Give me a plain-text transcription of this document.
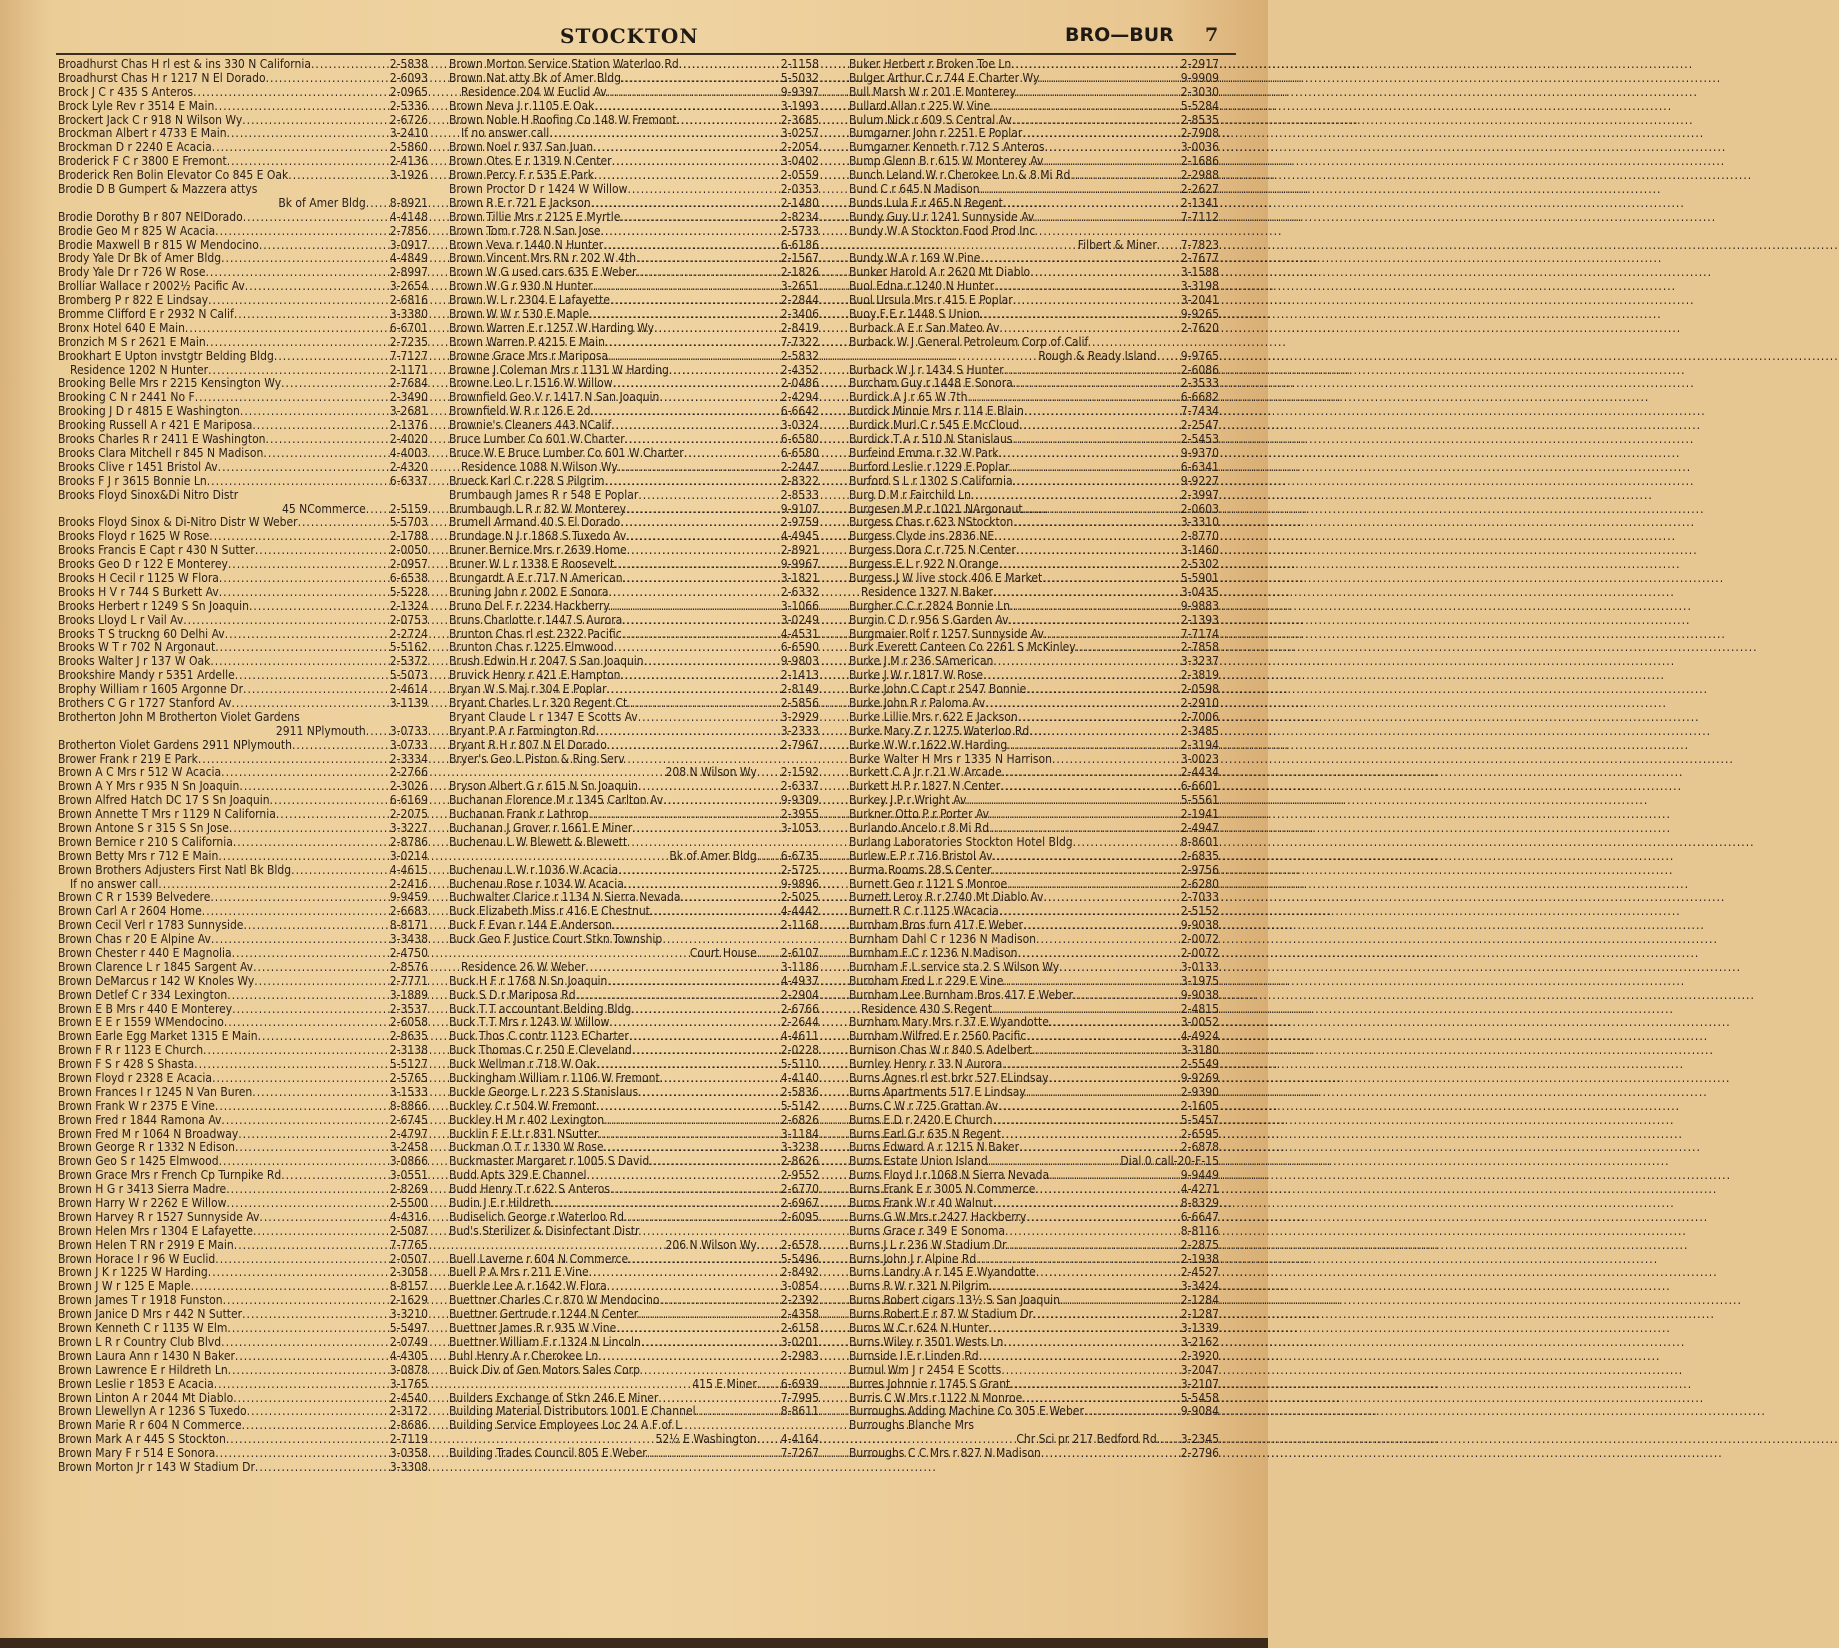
STOCKTON	BRO—BUR 7
Broadhurst Chas H rl est & ins 330 N California .....	2-5838
Broadhurst Chas H r 1217 N El Dorado .....	2-6093
Brock J C r 435 S Anteros .....	2-0965
Brock Lyle Rev r 3514 E Main .....	2-5336
Brockert Jack C r 918 N Wilson Wy .....	2-6726
Brockman Albert r 4733 E Main .....	3-2410
Brockman D r 2240 E Acacia .....	2-5860
Broderick F C r 3800 E Fremont .....	2-4136
Broderick Ren Bolin Elevator Co 845 E Oak .....	3-1926
Brodie D B Gumpert & Mazzera attys
Bk of Amer Bldg ..... 8-8921
Brodie Dorothy B r 807 NElDorado .....	4-4148
Brodie Geo M r 825 W Acacia .....	2-7856
Brodie Maxwell B r 815 W Mendocino .....	3-0917
Brody Yale Dr Bk of Amer Bldg .....	4-4849
Brody Yale Dr r 726 W Rose .....	2-8997
Brolliar Wallace r 2002½ Pacific Av .....	3-2654
Bromberg P r 822 E Lindsay .....	2-6816
Bromme Clifford E r 2932 N Calif .....	3-3380
Bronx Hotel 640 E Main .....	6-6701
Bronzich M S r 2621 E Main .....	2-7235
Brookhart E Upton invstgtr Belding Bldg .....	7-7127
Residence 1202 N Hunter .....	2-1171
Brooking Belle Mrs r 2215 Kensington Wy .....	2-7684
Brooking C N r 2441 No F .....	2-3490
Brooking J D r 4815 E Washington .....	3-2681
Brooking Russell A r 421 E Mariposa .....	2-1376
Brooks Charles R r 2411 E Washington .....	2-4020
Brooks Clara Mitchell r 845 N Madison .....	4-4003
Brooks Clive r 1451 Bristol Av .....	2-4320
Brooks F J r 3615 Bonnie Ln .....	6-6337
Brooks Floyd Sinox&Di Nitro Distr
45 NCommerce ..... 2-5159
Brooks Floyd Sinox & Di-Nitro Distr W Weber .....	5-5703
Brooks Floyd r 1625 W Rose .....	2-1788
Brooks Francis E Capt r 430 N Sutter .....	2-0050
Brooks Geo D r 122 E Monterey .....	2-0957
Brooks H Cecil r 1125 W Flora .....	6-6538
Brooks H V r 744 S Burkett Av .....	5-5228
Brooks Herbert r 1249 S Sn Joaquin .....	2-1324
Brooks Lloyd L r Vail Av .....	2-0753
Brooks T S truckng 60 Delhi Av .....	2-2724
Brooks W T r 702 N Argonaut .....	5-5162
Brooks Walter J r 137 W Oak .....	2-5372
Brookshire Mandy r 5351 Ardelle .....	5-5073
Brophy William r 1605 Argonne Dr .....	2-4614
Brothers C G r 1727 Stanford Av .....	3-1139
Brotherton John M Brotherton Violet Gardens
2911 NPlymouth ..... 3-0733
Brotherton Violet Gardens 2911 NPlymouth .....	3-0733
Brower Frank r 219 E Park .....	2-3334
Brown A C Mrs r 512 W Acacia .....	2-2766
Brown A Y Mrs r 935 N Sn Joaquin .....	2-3026
Brown Alfred Hatch DC 17 S Sn Joaquin .....	6-6169
Brown Annette T Mrs r 1129 N California .....	2-2075
Brown Antone S r 315 S Sn Jose .....	3-3227
Brown Bernice r 210 S California .....	2-8786
Brown Betty Mrs r 712 E Main .....	3-0214
Brown Brothers Adjusters First Natl Bk Bldg .....	4-4615
If no answer call .....	2-2416
Brown C R r 1539 Belvedere .....	9-9459
Brown Carl A r 2604 Home .....	2-6683
Brown Cecil Verl r 1783 Sunnyside .....	8-8171
Brown Chas r 20 E Alpine Av .....	3-3438
Brown Chester r 440 E Magnolia .....	2-4750
Brown Clarence L r 1845 Sargent Av .....	2-8576
Brown DeMarcus r 142 W Knoles Wy .....	2-7771
Brown Detlef C r 334 Lexington .....	3-1889
Brown E B Mrs r 440 E Monterey .....	2-3537
Brown E E r 1559 WMendocino .....	2-6058
Brown Earle Egg Market 1315 E Main .....	2-8635
Brown F R r 1123 E Church .....	2-3138
Brown F S r 428 S Shasta .....	5-5127
Brown Floyd r 2328 E Acacia .....	2-5765
Brown Frances I r 1245 N Van Buren .....	3-1533
Brown Frank W r 2375 E Vine .....	8-8866
Brown Fred r 1844 Ramona Av .....	2-6745
Brown Fred M r 1064 N Broadway .....	2-4797
Brown George R r 1332 N Edison .....	3-2458
Brown Geo S r 1425 Elmwood .....	3-0866
Brown Grace Mrs r French Cp Turnpike Rd .....	3-0551
Brown H G r 3413 Sierra Madre .....	2-8269
Brown Harry W r 2262 E Willow .....	2-5500
Brown Harvey R r 1527 Sunnyside Av .....	4-4316
Brown Helen Mrs r 1304 E Lafayette .....	2-5087
Brown Helen T RN r 2919 E Main .....	7-7765
Brown Horace I r 96 W Euclid .....	2-0507
Brown J K r 1225 W Harding .....	2-3058
Brown J W r 125 E Maple .....	8-8157
Brown James T r 1918 Funston .....	2-1629
Brown Janice D Mrs r 442 N Sutter .....	3-3210
Brown Kenneth C r 1135 W Elm .....	5-5497
Brown L R r Country Club Blvd .....	2-0749
Brown Laura Ann r 1430 N Baker .....	4-4305
Brown Lawrence E r Hildreth Ln .....	3-0878
Brown Leslie r 1853 E Acacia .....	3-1765
Brown Linton A r 2044 Mt Diablo .....	2-4540
Brown Llewellyn A r 1236 S Tuxedo .....	2-3172
Brown Marie R r 604 N Commerce .....	2-8686
Brown Mark A r 445 S Stockton .....	2-7119
Brown Mary F r 514 E Sonora .....	3-0358
Brown Morton Jr r 143 W Stadium Dr .....	3-3308
Brown Morton Service Station Waterloo Rd .....	2-1158
Brown Nat atty Bk of Amer Bldg .....	5-5032
Residence 204 W Euclid Av .....	9-9397
Brown Neva J r 1105 E Oak .....	3-1993
Brown Noble H Roofing Co 148 W Fremont .....	2-3685
If no answer call .....	3-0257
Brown Noel r 937 San Juan .....	2-2054
Brown Otes E r 1319 N Center .....	3-0402
Brown Percy F r 535 E Park .....	2-0559
Brown Proctor D r 1424 W Willow .....	2-0353
Brown R E r 721 E Jackson .....	2-1480
Brown Tillie Mrs r 2125 E Myrtle .....	2-8234
Brown Tom r 728 N San Jose .....	2-5733
Brown Veva r 1440 N Hunter .....	6-6186
Brown Vincent Mrs RN r 202 W 4th .....	2-1567
Brown W G used cars 635 E Weber .....	2-1826
Brown W G r 930 N Hunter .....	3-2651
Brown W L r 2304 E Lafayette .....	2-2844
Brown W W r 530 E Maple .....	2-3406
Brown Warren E r 1257 W Harding Wy .....	2-8419
Brown Warren P 4215 E Main .....	7-7322
Browne Grace Mrs r Mariposa .....	2-5832
Browne J Coleman Mrs r 1131 W Harding .....	2-4352
Browne Leo L r 1516 W Willow .....	2-0486
Brownfield Geo V r 1417 N San Joaquin .....	2-4294
Brownfield W R r 126 E 2d .....	6-6642
Brownie's Cleaners 443 NCalif .....	3-0324
Bruce Lumber Co 601 W Charter .....	6-6580
Bruce W E Bruce Lumber Co 601 W Charter .....	6-6580
Residence 1088 N Wilson Wy .....	2-2447
Brueck Karl C r 228 S Pilgrim .....	2-8322
Brumbaugh James R r 548 E Poplar .....	2-8533
Brumbaugh L R r 82 W Monterey .....	9-9107
Brumell Armand 40 S El Dorado .....	2-9759
Brundage N J r 1868 S Tuxedo Av .....	4-4945
Bruner Bernice Mrs r 2639 Home .....	2-8921
Bruner W L r 1338 E Roosevelt .....	9-9967
Brungardt A E r 717 N American .....	3-1821
Bruning John r 2002 E Sonora .....	2-6332
Bruno Del F r 2234 Hackberry .....	3-1066
Bruns Charlotte r 1447 S Aurora .....	3-0249
Brunton Chas rl est 2322 Pacific .....	4-4531
Brunton Chas r 1225 Elmwood .....	6-6590
Brush Edwin H r 2047 S San Joaquin .....	9-9803
Bruvick Henry r 421 E Hampton .....	2-1413
Bryan W S Maj r 304 E Poplar .....	2-8149
Bryant Charles L r 320 Regent Ct .....	2-5856
Bryant Claude L r 1347 E Scotts Av .....	3-2929
Bryant P A r Farmington Rd .....	3-2333
Bryant R H r 807 N El Dorado .....	2-7967
Bryer's Geo L Piston & Ring Serv
208 N Wilson Wy ..... 2-1592
Bryson Albert G r 615 N Sn Joaquin .....	2-6337
Buchanan Florence M r 1345 Carlton Av .....	9-9309
Buchanan Frank r Lathrop .....	2-3955
Buchanan J Grover r 1661 E Miner .....	3-1053
Buchenau L W Blewett & Blewett
Bk of Amer Bldg ..... 6-6735
Buchenau L W r 1036 W Acacia .....	2-5725
Buchenau Rose r 1034 W Acacia .....	9-9896
Buchwalter Clarice r 1134 N Sierra Nevada .....	2-5025
Buck Elizabeth Miss r 416 E Chestnut .....	4-4442
Buck F Evan r 144 E Anderson .....	2-1168
Buck Geo F Justice Court Stkn Township
Court House ..... 2-6107
Residence 26 W Weber .....	3-1186
Buck H F r 1768 N Sn Joaquin .....	4-4937
Buck S D r Mariposa Rd .....	2-2904
Buck T T accountant Belding Bldg .....	2-6766
Buck T T Mrs r 1243 W Willow .....	2-2644
Buck Thos C contr 1123 ECharter .....	4-4611
Buck Thomas C r 250 E Cleveland .....	2-0228
Buck Wellman r 718 W Oak .....	5-5110
Buckingham William r 1106 W Fremont .....	4-4140
Buckle George L r 223 S Stanislaus .....	2-5836
Buckley C r 504 W Fremont .....	5-5142
Buckley H M r 402 Lexington .....	2-6826
Bucklin F E Lt r 831 NSutter .....	3-1184
Buckman O T r 1330 W Rose .....	3-3238
Buckmaster Margaret r 1005 S David .....	2-8626
Budd Apts 329 E Channel .....	2-9552
Budd Henry T r 622 S Anteros .....	2-6770
Budin J E r Hildreth .....	2-6967
Budiselich George r Waterloo Rd .....	2-6095
Bud's Sterilizer & Disinfectant Distr
206 N Wilson Wy ..... 2-6578
Buell Laverne r 604 N Commerce .....	5-5496
Buell P A Mrs r 211 E Vine .....	2-8492
Buerkle Lee A r 1642 W Flora .....	3-0854
Buettner Charles C r 870 W Mendocino .....	2-2392
Buettner Gertrude r 1244 N Center .....	2-4358
Buettner James R r 935 W Vine .....	2-6158
Buettner William F r 1324 N Lincoln .....	3-0201
Buhl Henry A r Cherokee Ln .....	2-2983
Buick Div of Gen Motors Sales Corp
415 E Miner ..... 6-6939
Builders Exchange of Stkn 246 E Miner .....	7-7995
Building Material Distributors 1001 E Channel .....	8-8611
Building Service Employees Loc 24 A F of L
52½ E Washington ..... 4-4164
Building Trades Council 805 E Weber .....	7-7267
Buker Herbert r Broken Toe Ln .....	2-2917
Bulger Arthur C r 744 E Charter Wy .....	9-9909
Bull Marsh W r 201 E Monterey .....	2-3030
Bullard Allan r 225 W Vine .....	5-5284
Bulum Nick r 609 S Central Av .....	2-8535
Bumgarner John r 2251 E Poplar .....	2-7908
Bumgarner Kenneth r 712 S Anteros .....	3-0036
Bump Glenn B r 615 W Monterey Av .....	2-1686
Bunch Leland W r Cherokee Ln & 8 Mi Rd .....	2-2988
Bund C r 645 N Madison .....	2-2627
Bunds Lula F r 465 N Regent .....	2-1341
Bundy Guy U r 1241 Sunnyside Av .....	7-7112
Bundy W A Stockton Food Prod Inc
Filbert & Miner ..... 7-7823
Bundy W A r 169 W Pine .....	2-7677
Bunker Harold A r 2620 Mt Diablo .....	3-1588
Buol Edna r 1240 N Hunter .....	3-3198
Buol Ursula Mrs r 415 E Poplar .....	3-2041
Buoy F E r 1448 S Union .....	9-9265
Burback A E r San Mateo Av .....	2-7620
Burback W J General Petroleum Corp of Calif
Rough & Ready Island ..... 9-9765
Burback W J r 1434 S Hunter .....	2-6086
Burcham Guy r 1448 E Sonora .....	2-3533
Burdick A J r 65 W 7th .....	6-6682
Burdick Minnie Mrs r 114 E Blain .....	7-7434
Burdick Murl C r 545 E McCloud .....	2-2547
Burdick T A r 510 N Stanislaus .....	2-5453
Burfeind Emma r 32 W Park .....	9-9370
Burford Leslie r 1229 E Poplar .....	6-6341
Burford S L r 1302 S California .....	9-9227
Burg D M r Fairchild Ln .....	2-3997
Burgesen M P r 1021 NArgonaut .....	2-0603
Burgess Chas r 623 NStockton .....	3-3310
Burgess Clyde ins 2836 NE .....	2-8770
Burgess Dora C r 725 N Center .....	3-1460
Burgess E L r 922 N Orange .....	2-5302
Burgess J W live stock 406 E Market .....	5-5901
Residence 1327 N Baker .....	3-0435
Burgher C C r 2824 Bonnie Ln .....	9-9883
Burgin C D r 956 S Garden Av .....	2-1393
Burgmaier Rolf r 1257 Sunnyside Av .....	7-7174
Burk Everett Canteen Co 2261 S McKinley .....	2-7858
Burke J M r 236 SAmerican .....	3-3237
Burke J W r 1817 W Rose .....	2-3819
Burke John C Capt r 2547 Bonnie .....	2-0598
Burke John R r Paloma Av .....	2-2910
Burke Lillie Mrs r 622 E Jackson .....	2-7006
Burke Mary Z r 1275 Waterloo Rd .....	2-3485
Burke W W r 1622 W Harding .....	2-3194
Burke Walter H Mrs r 1335 N Harrison .....	3-0023
Burkett C A Jr r 21 W Arcade .....	2-4434
Burkett H P r 1827 N Center .....	6-6601
Burkey J P r Wright Av .....	5-5561
Burkner Otto P r Porter Av .....	2-1941
Burlando Ancelo r 8 Mi Rd .....	2-4947
Burlang Laboratories Stockton Hotel Bldg .....	8-8601
Burlew E P r 716 Bristol Av .....	2-6835
Burma Rooms 28 S Center .....	2-9756
Burnett Geo r 1121 S Monroe .....	2-6280
Burnett Leroy R r 2740 Mt Diablo Av .....	2-7033
Burnett R C r 1125 WAcacia .....	2-5152
Burnham Bros furn 417 E Weber .....	9-9038
Burnham Dahl C r 1236 N Madison .....	2-0072
Burnham F C r 1236 N Madison .....	2-0072
Burnham F L service sta 2 S Wilson Wy .....	3-0133
Burnham Fred L r 229 E Vine .....	3-1975
Burnham Lee Burnham Bros 417 E Weber .....	9-9038
Residence 430 S Regent .....	2-4815
Burnham Mary Mrs r 37 E Wyandotte .....	3-0052
Burnham Wilfred E r 2560 Pacific .....	4-4924
Burnison Chas W r 840 S Adelbert .....	3-3180
Burnley Henry r 33 N Aurora .....	2-5549
Burns Agnes rl est brkr 527 ELindsay .....	9-9269
Burns Apartments 517 E Lindsay .....	2-9390
Burns C W r 725 Grattan Av .....	2-1605
Burns E D r 2420 E Church .....	5-5457
Burns Earl G r 635 N Regent .....	2-6595
Burns Edward A r 1215 N Baker .....	2-6878
Burns Estate Union Island .....	Dial 0 call-20-F-15
Burns Floyd I r 1068 N Sierra Nevada .....	9-9449
Burns Frank E r 3005 N Commerce .....	4-4271
Burns Frank W r 40 Walnut .....	8-8329
Burns G W Mrs r 2427 Hackberry .....	6-6647
Burns Grace r 349 E Sonoma .....	8-8116
Burns J L r 236 W Stadium Dr .....	2-2875
Burns John J r Alpine Rd .....	2-1938
Burns Landry A r 145 E Wyandotte .....	2-4527
Burns R W r 321 N Pilgrim .....	3-3424
Burns Robert cigars 13½ S San Joaquin .....	2-1284
Burns Robert E r 87 W Stadium Dr .....	2-1287
Burns W C r 624 N Hunter .....	3-1339
Burns Wiley r 3501 Wests Ln .....	3-2162
Burnside I E r Linden Rd .....	2-3920
Burnul Wm J r 2454 E Scotts .....	3-2047
Burres Johnnie r 1745 S Grant .....	3-2107
Burris C W Mrs r 1122 N Monroe .....	5-5458
Burroughs Adding Machine Co 305 E Weber .....	9-9084
Burroughs Blanche Mrs
Chr Sci pr 217 Bedford Rd ..... 3-2345
Burroughs C C Mrs r 827 N Madison .....	2-2796
